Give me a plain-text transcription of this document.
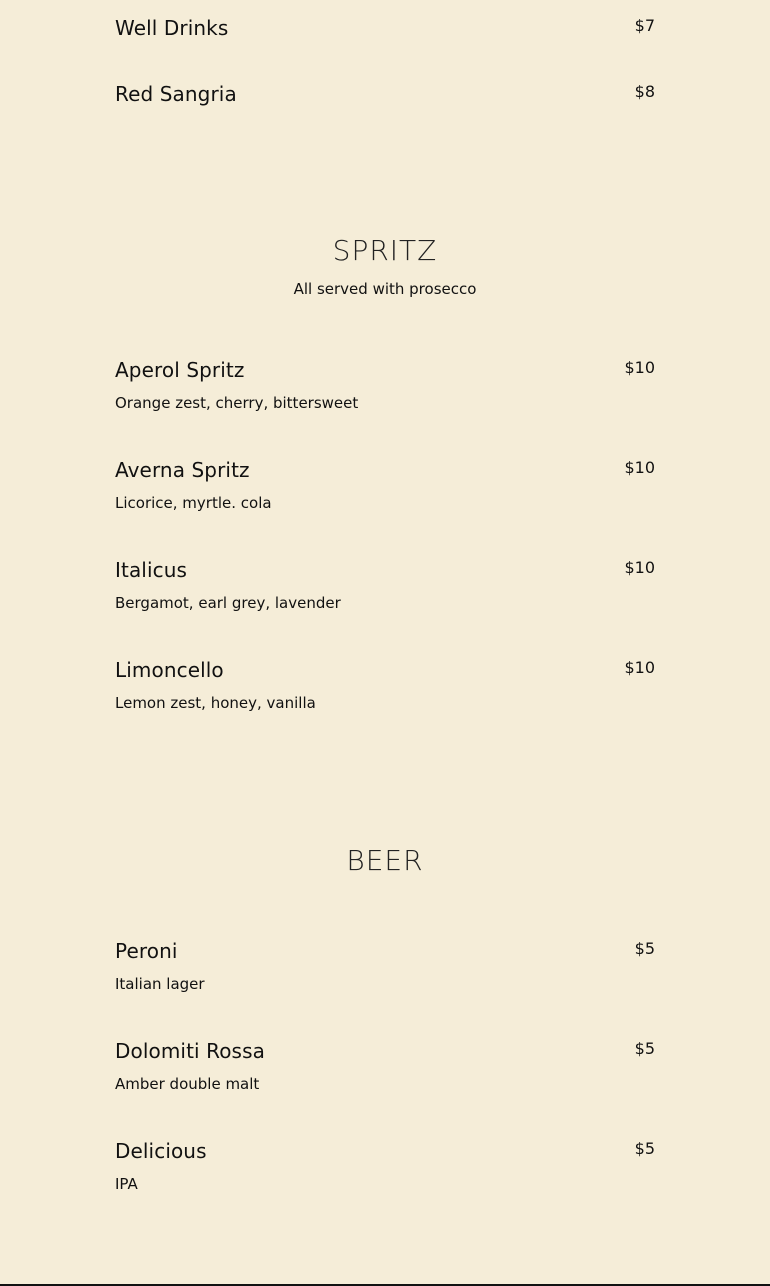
Well Drinks	$7
Red Sangria	$8
SPRITZ
All served with prosecco
Aperol Spritz	$10
Orange zest, cherry, bittersweet
Averna Spritz	$10
Licorice, myrtle. cola
Italicus	$10
Bergamot, earl grey, lavender
Limoncello	$10
Lemon zest, honey, vanilla
BEER
Peroni	$5
Italian lager
Dolomiti Rossa	$5
Amber double malt
Delicious	$5
IPA
